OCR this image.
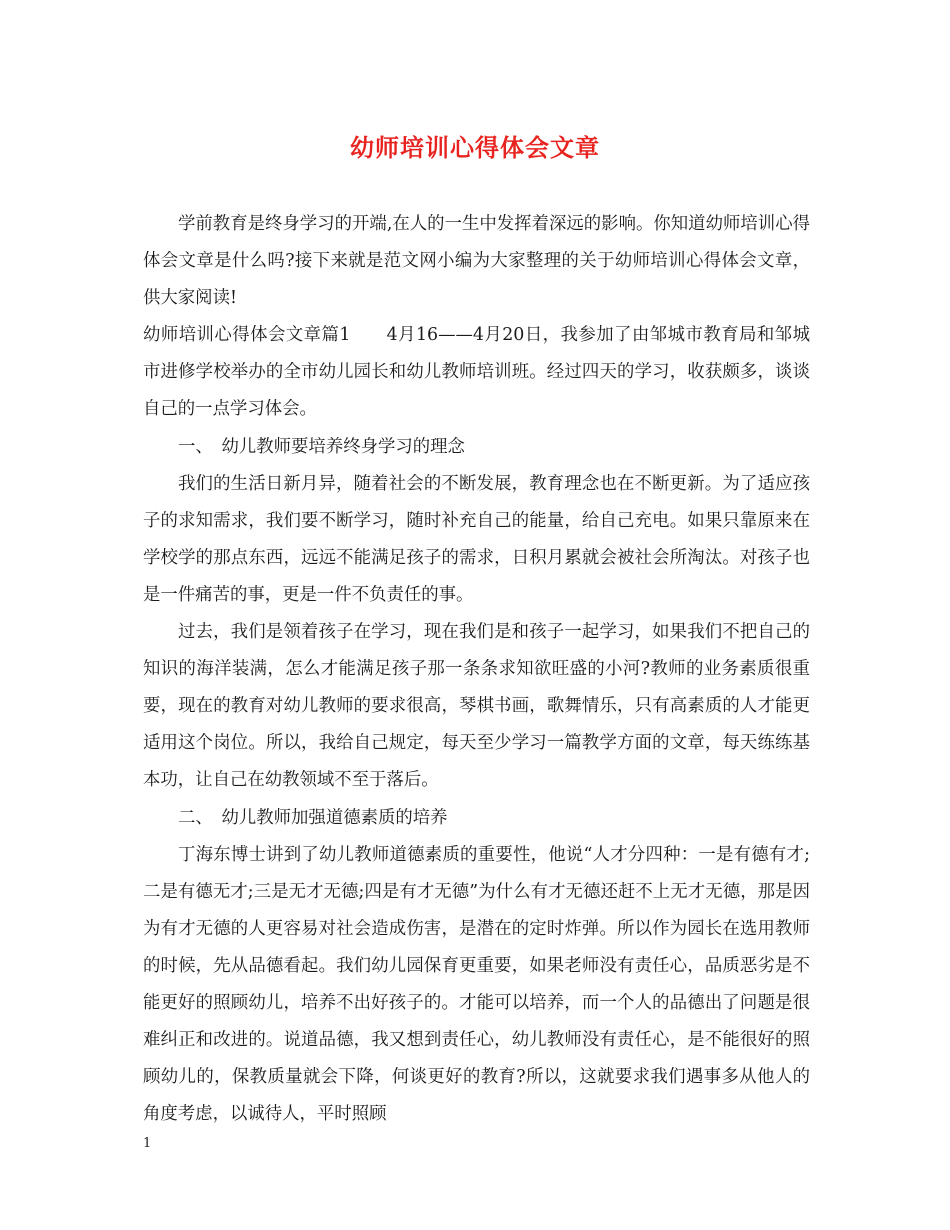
幼师培训心得体会文章

学前教育是终身学习的开端,在人的一生中发挥着深远的影响。你知道幼师培训心得体会文章是什么吗?接下来就是范文网小编为大家整理的关于幼师培训心得体会文章，供大家阅读!

幼师培训心得体会文章篇1　　4月16——4月20日，我参加了由邹城市教育局和邹城市进修学校举办的全市幼儿园长和幼儿教师培训班。经过四天的学习，收获颇多，谈谈自己的一点学习体会。

一、　幼儿教师要培养终身学习的理念

我们的生活日新月异，随着社会的不断发展，教育理念也在不断更新。为了适应孩子的求知需求，我们要不断学习，随时补充自己的能量，给自己充电。如果只靠原来在学校学的那点东西，远远不能满足孩子的需求，日积月累就会被社会所淘汰。对孩子也是一件痛苦的事，更是一件不负责任的事。

过去，我们是领着孩子在学习，现在我们是和孩子一起学习，如果我们不把自己的知识的海洋装满，怎么才能满足孩子那一条条求知欲旺盛的小河?教师的业务素质很重要，现在的教育对幼儿教师的要求很高，琴棋书画，歌舞情乐，只有高素质的人才能更适用这个岗位。所以，我给自己规定，每天至少学习一篇教学方面的文章，每天练练基本功，让自己在幼教领域不至于落后。

二、　幼儿教师加强道德素质的培养

丁海东博士讲到了幼儿教师道德素质的重要性，他说“人才分四种：一是有德有才;二是有德无才;三是无才无德;四是有才无德”为什么有才无德还赶不上无才无德，那是因为有才无德的人更容易对社会造成伤害，是潜在的定时炸弹。所以作为园长在选用教师的时候，先从品德看起。我们幼儿园保育更重要，如果老师没有责任心，品质恶劣是不能更好的照顾幼儿，培养不出好孩子的。才能可以培养，而一个人的品德出了问题是很难纠正和改进的。说道品德，我又想到责任心，幼儿教师没有责任心，是不能很好的照顾幼儿的，保教质量就会下降，何谈更好的教育?所以，这就要求我们遇事多从他人的角度考虑，以诚待人，平时照顾

1
